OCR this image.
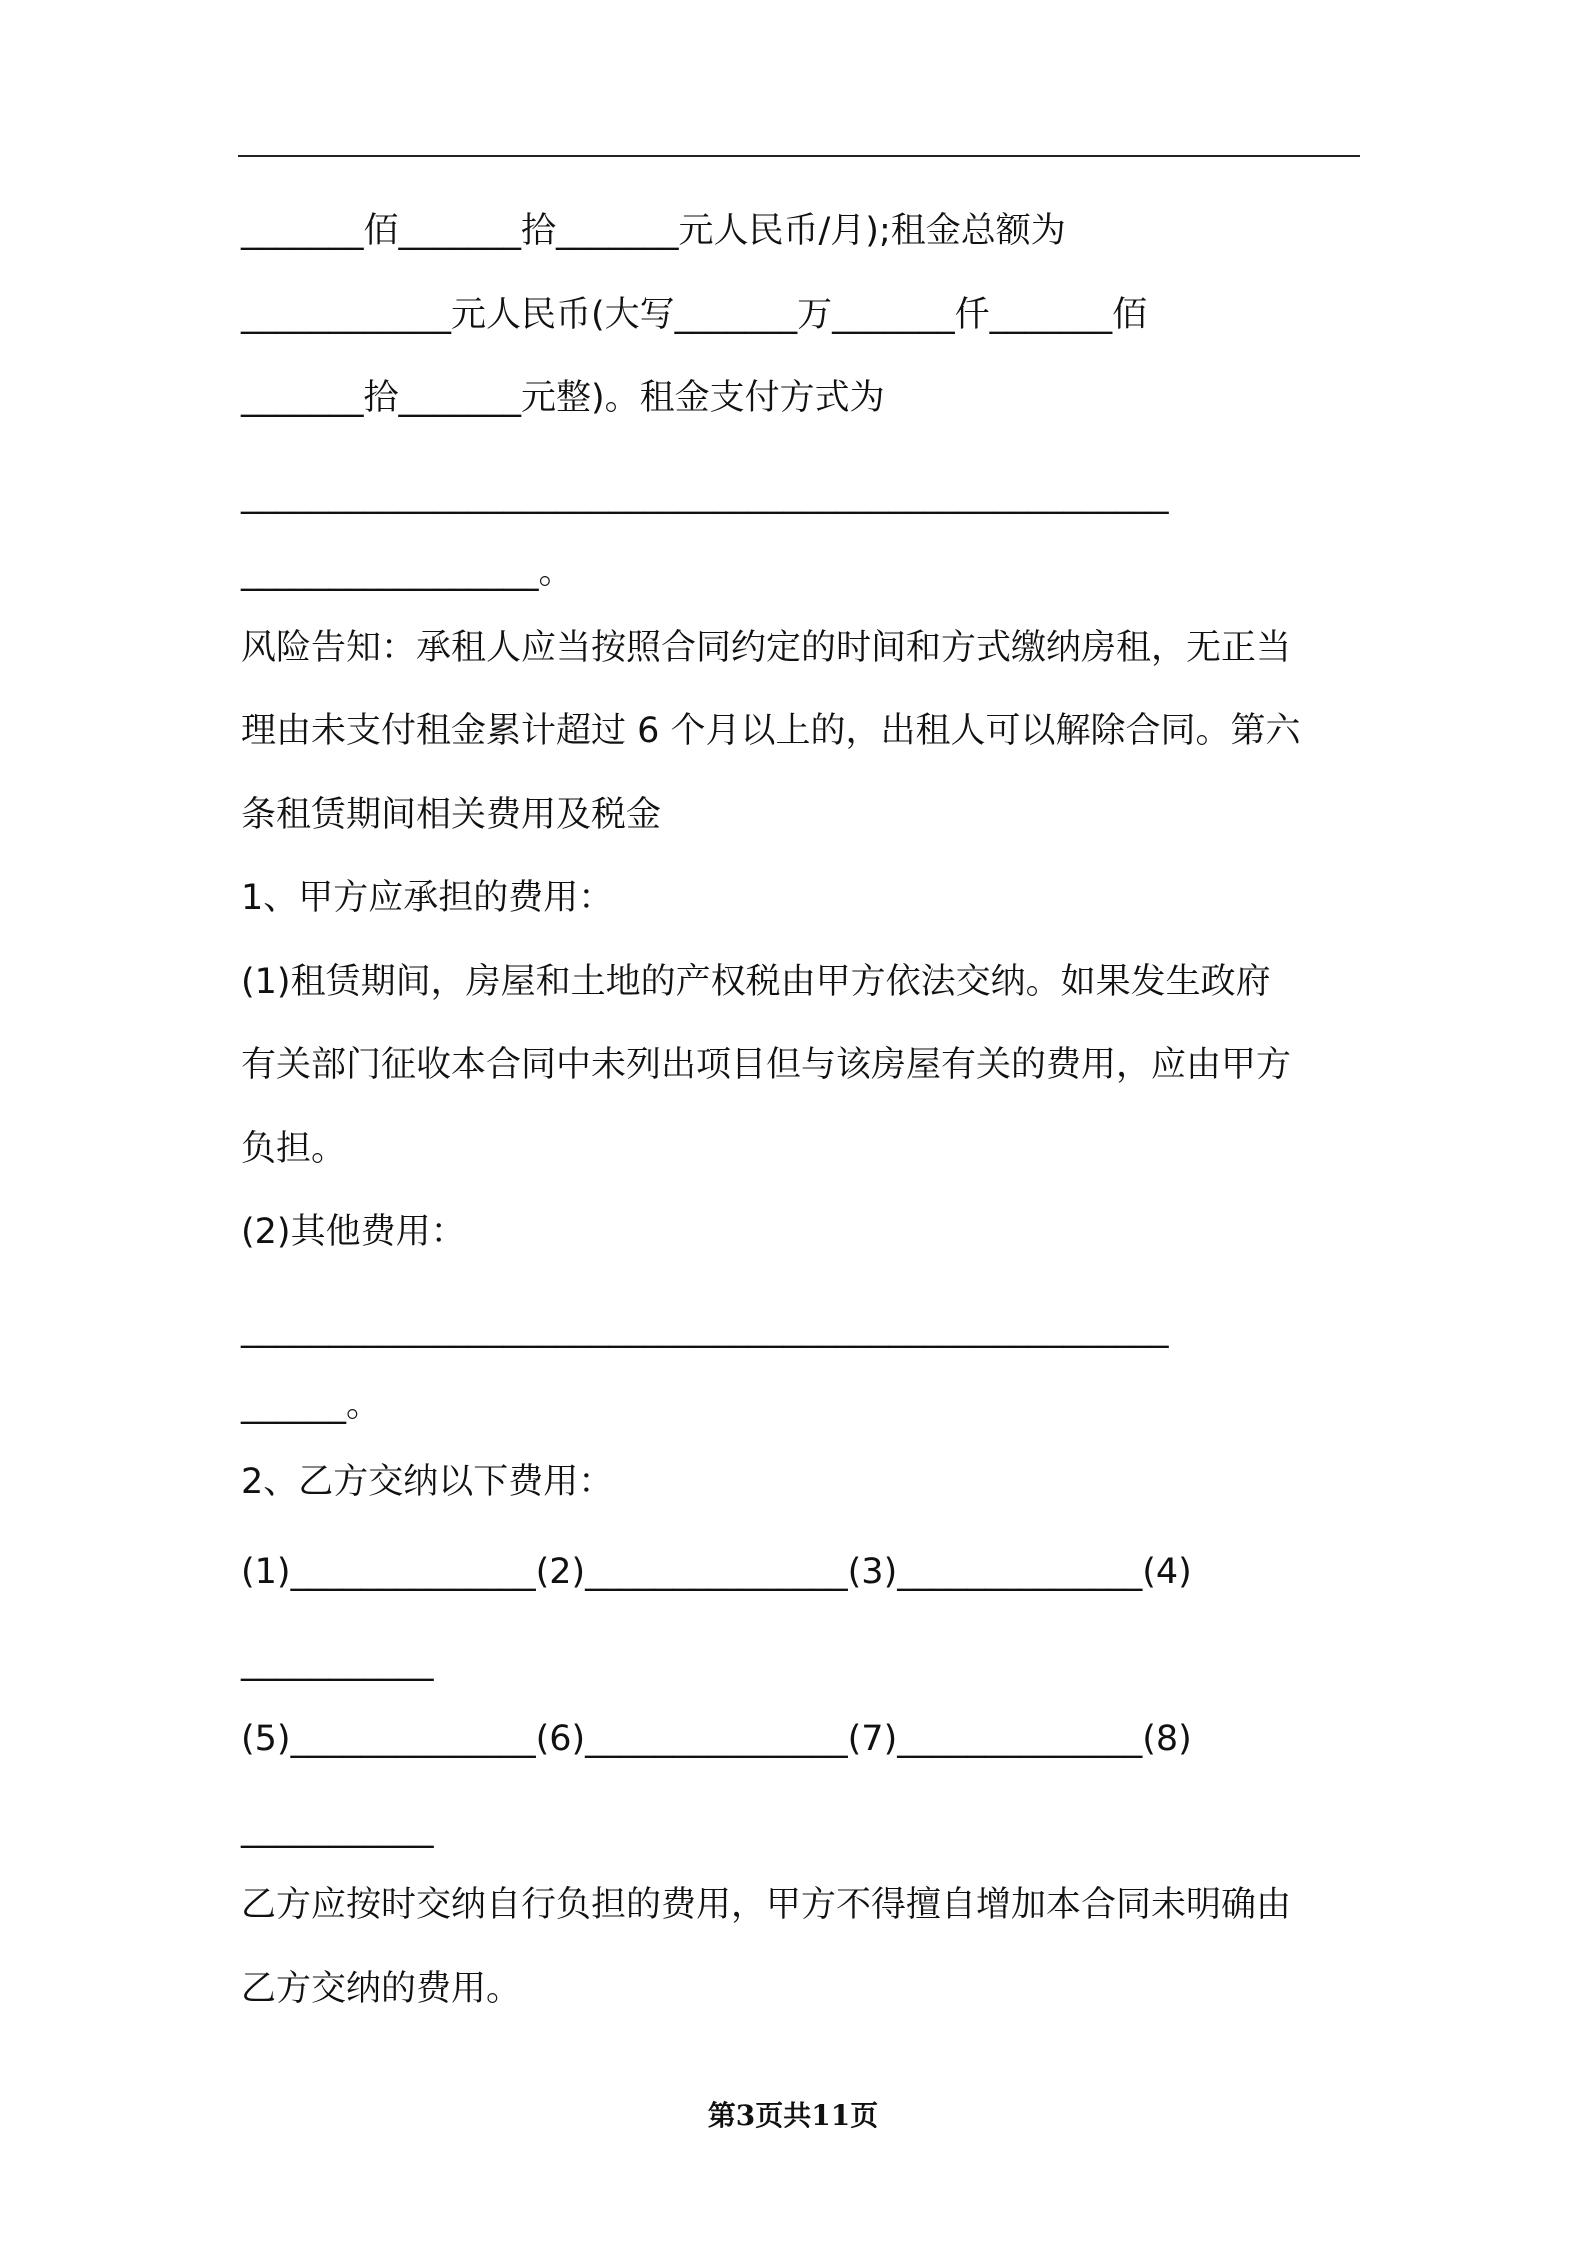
_______佰_______拾_______元人民币/月);租金总额为
____________元人民币(大写_______万_______仟_______佰
_______拾_______元整)。租金支付方式为
_____________________________________________________
_________________。
风险告知：承租人应当按照合同约定的时间和方式缴纳房租，无正当
理由未支付租金累计超过 6 个月以上的，出租人可以解除合同。第六
条租赁期间相关费用及税金
1、甲方应承担的费用：
(1)租赁期间，房屋和土地的产权税由甲方依法交纳。如果发生政府
有关部门征收本合同中未列出项目但与该房屋有关的费用，应由甲方
负担。
(2)其他费用：
_____________________________________________________
______。
2、乙方交纳以下费用：
(1)______________(2)_______________(3)______________(4)
___________
(5)______________(6)_______________(7)______________(8)
___________
乙方应按时交纳自行负担的费用，甲方不得擅自增加本合同未明确由
乙方交纳的费用。
第3页共11页
